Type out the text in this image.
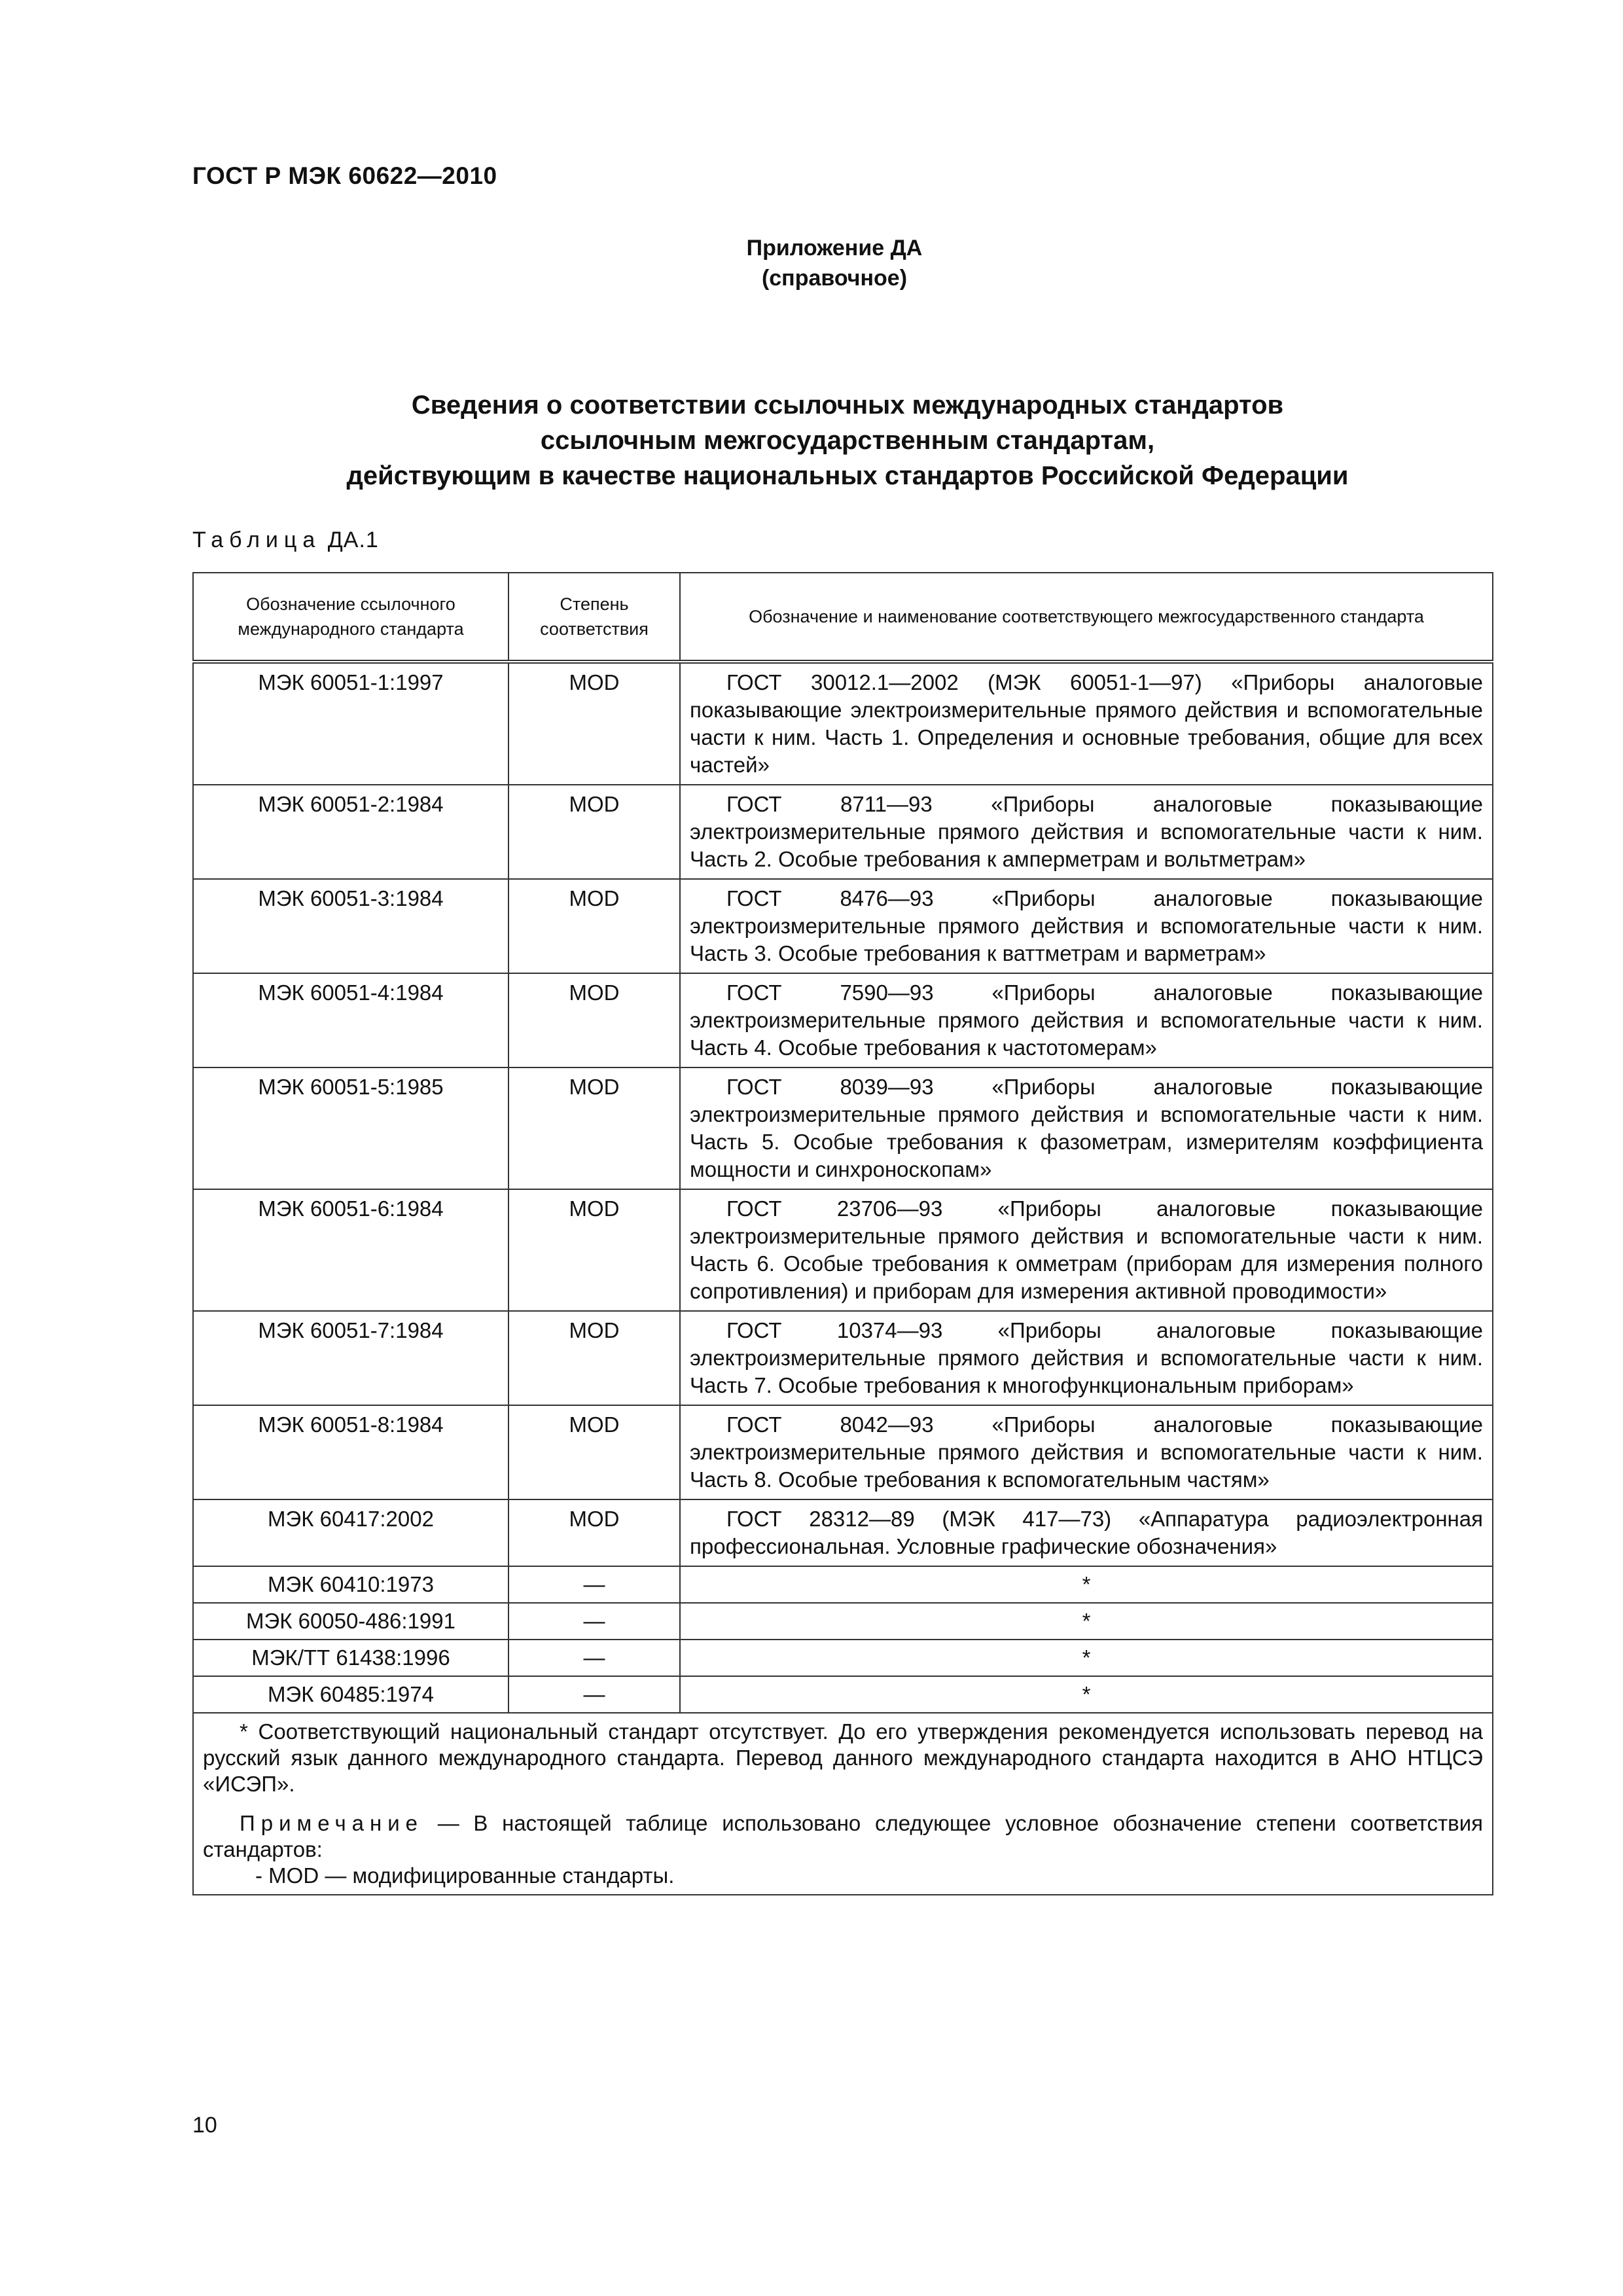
ГОСТ Р МЭК 60622—2010
Приложение ДА
(справочное)
Сведения о соответствии ссылочных международных стандартов
ссылочным межгосударственным стандартам,
действующим в качестве национальных стандартов Российской Федерации
Таблица ДА.1
Обозначение ссылочного международного стандарта	Степень соответствия	Обозначение и наименование соответствующего межгосударственного стандарта
МЭК 60051-1:1997	MOD	ГОСТ 30012.1—2002 (МЭК 60051-1—97) «Приборы аналоговые показывающие электроизмерительные прямого действия и вспомогательные части к ним. Часть 1. Определения и основные требования, общие для всех частей»
МЭК 60051-2:1984	MOD	ГОСТ 8711—93 «Приборы аналоговые показывающие электроизмерительные прямого действия и вспомогательные части к ним. Часть 2. Особые требования к амперметрам и вольтметрам»
МЭК 60051-3:1984	MOD	ГОСТ 8476—93 «Приборы аналоговые показывающие электроизмерительные прямого действия и вспомогательные части к ним. Часть 3. Особые требования к ваттметрам и варметрам»
МЭК 60051-4:1984	MOD	ГОСТ 7590—93 «Приборы аналоговые показывающие электроизмерительные прямого действия и вспомогательные части к ним. Часть 4. Особые требования к частотомерам»
МЭК 60051-5:1985	MOD	ГОСТ 8039—93 «Приборы аналоговые показывающие электроизмерительные прямого действия и вспомогательные части к ним. Часть 5. Особые требования к фазометрам, измерителям коэффициента мощности и синхроноскопам»
МЭК 60051-6:1984	MOD	ГОСТ 23706—93 «Приборы аналоговые показывающие электроизмерительные прямого действия и вспомогательные части к ним. Часть 6. Особые требования к омметрам (приборам для измерения полного сопротивления) и приборам для измерения активной проводимости»
МЭК 60051-7:1984	MOD	ГОСТ 10374—93 «Приборы аналоговые показывающие электроизмерительные прямого действия и вспомогательные части к ним. Часть 7. Особые требования к многофункциональным приборам»
МЭК 60051-8:1984	MOD	ГОСТ 8042—93 «Приборы аналоговые показывающие электроизмерительные прямого действия и вспомогательные части к ним. Часть 8. Особые требования к вспомогательным частям»
МЭК 60417:2002	MOD	ГОСТ 28312—89 (МЭК 417—73) «Аппаратура радиоэлектронная профессиональная. Условные графические обозначения»
МЭК 60410:1973	—	*
МЭК 60050-486:1991	—	*
МЭК/ТТ 61438:1996	—	*
МЭК 60485:1974	—	*

* Соответствующий национальный стандарт отсутствует. До его утверждения рекомендуется использовать перевод на русский язык данного международного стандарта. Перевод данного международного стандарта находится в АНО НТЦСЭ «ИСЭП».

Примечание — В настоящей таблице использовано следующее условное обозначение степени соответствия стандартов:

- MOD — модифицированные стандарты.		

10
